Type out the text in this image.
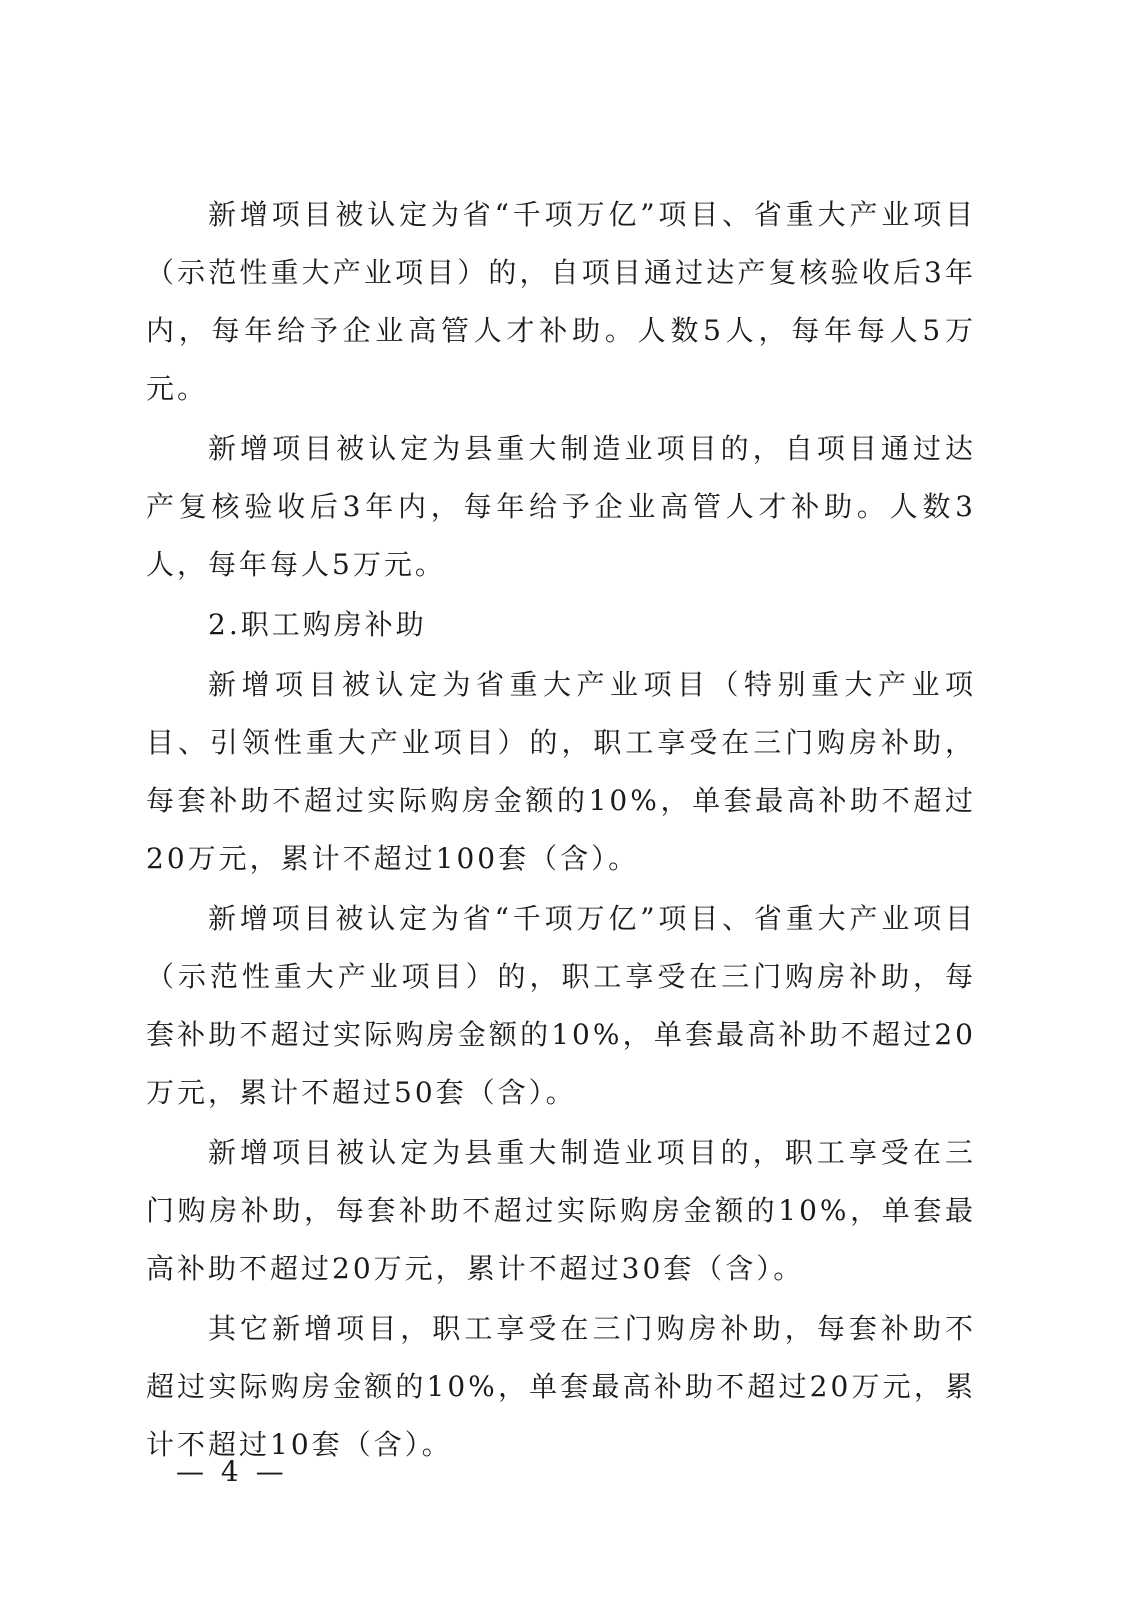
新增项目被认定为省“千项万亿”项目、省重大产业项目（示范性重大产业项目）的，自项目通过达产复核验收后3年内，每年给予企业高管人才补助。人数5人，每年每人5万元。

新增项目被认定为县重大制造业项目的，自项目通过达产复核验收后3年内，每年给予企业高管人才补助。人数3人，每年每人5万元。

2.职工购房补助

新增项目被认定为省重大产业项目（特别重大产业项目、引领性重大产业项目）的，职工享受在三门购房补助，每套补助不超过实际购房金额的10%，单套最高补助不超过20万元，累计不超过100套（含）。

新增项目被认定为省“千项万亿”项目、省重大产业项目（示范性重大产业项目）的，职工享受在三门购房补助，每套补助不超过实际购房金额的10%，单套最高补助不超过20万元，累计不超过50套（含）。

新增项目被认定为县重大制造业项目的，职工享受在三门购房补助，每套补助不超过实际购房金额的10%，单套最高补助不超过20万元，累计不超过30套（含）。

其它新增项目，职工享受在三门购房补助，每套补助不超过实际购房金额的10%，单套最高补助不超过20万元，累计不超过10套（含）。

— 4 —
